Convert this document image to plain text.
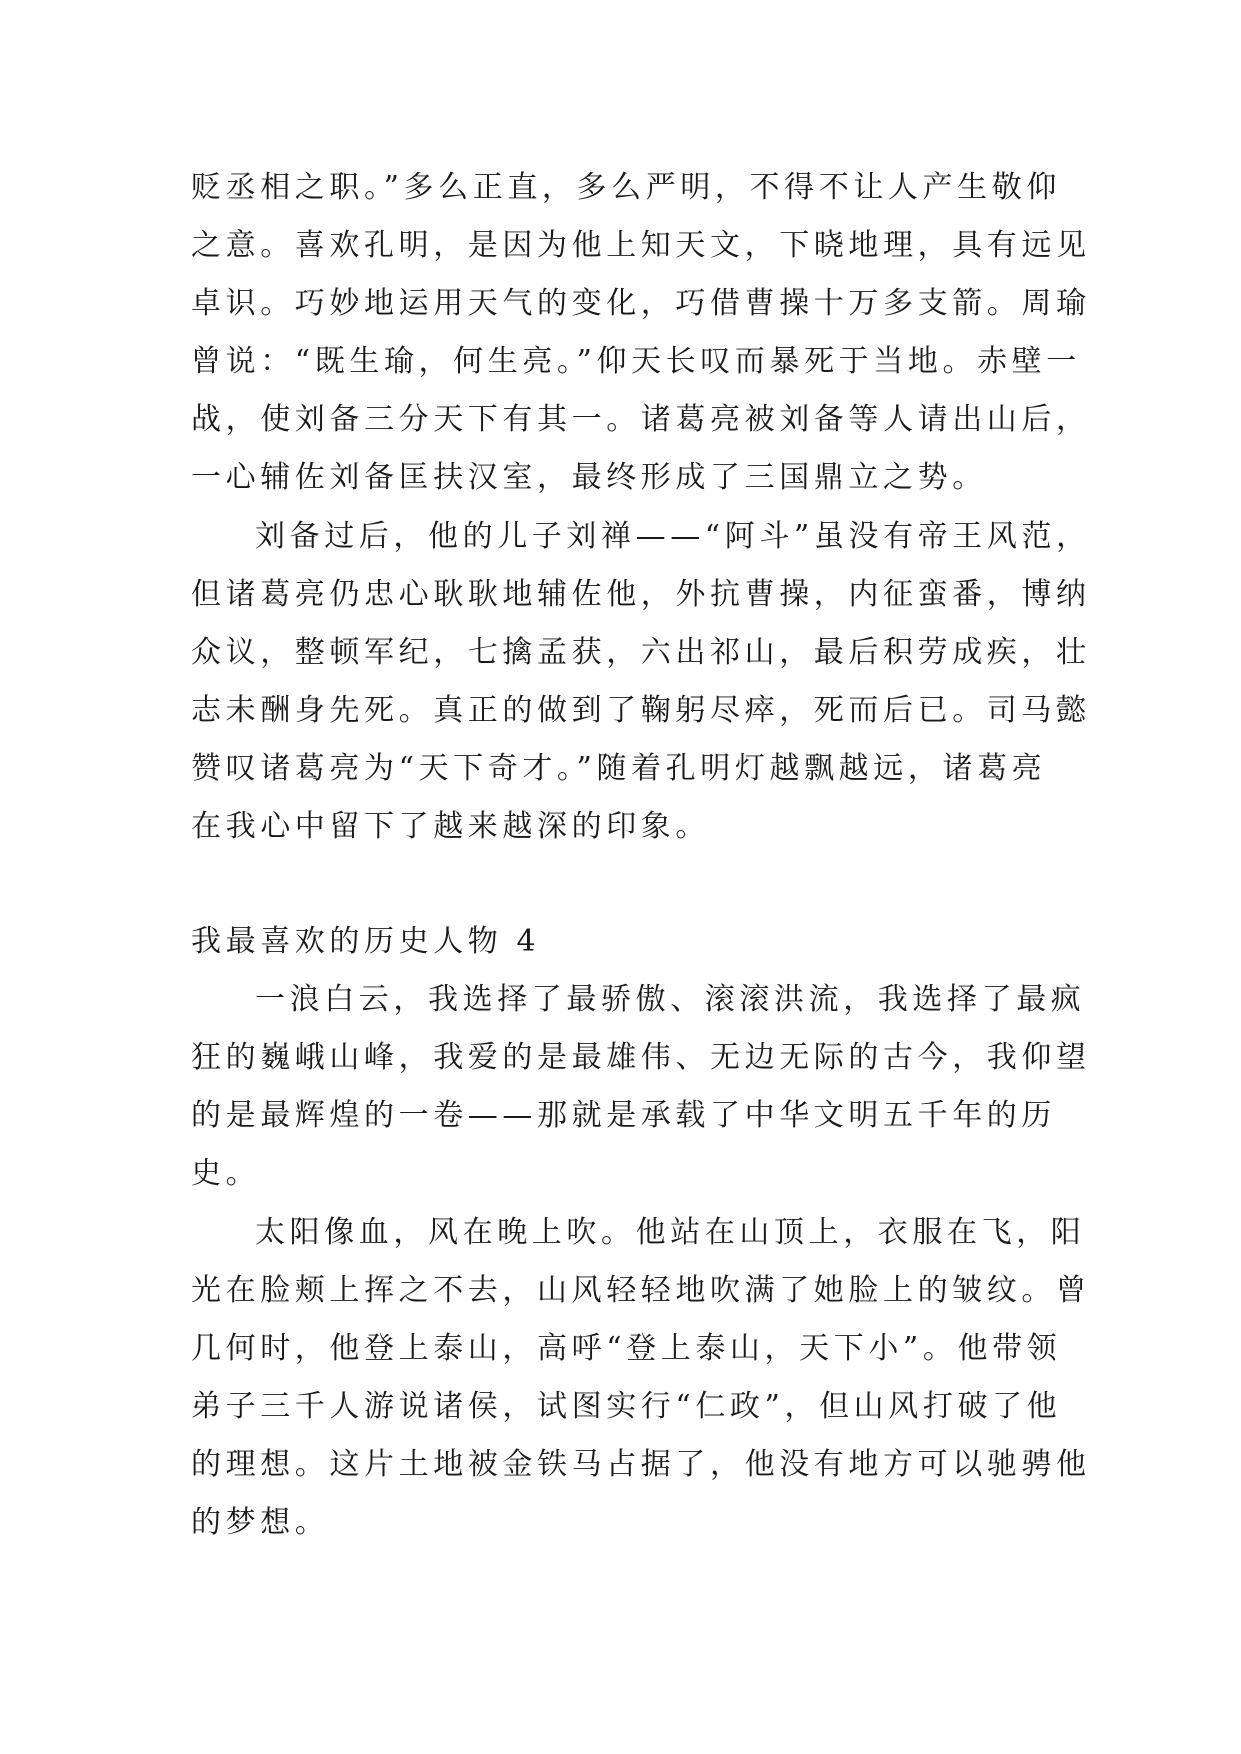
贬丞相之职。”多么正直，多么严明，不得不让人产生敬仰
之意。喜欢孔明，是因为他上知天文，下晓地理，具有远见
卓识。巧妙地运用天气的变化，巧借曹操十万多支箭。周瑜
曾说：“既生瑜，何生亮。”仰天长叹而暴死于当地。赤壁一
战，使刘备三分天下有其一。诸葛亮被刘备等人请出山后，
一心辅佐刘备匡扶汉室，最终形成了三国鼎立之势。
刘备过后，他的儿子刘禅——“阿斗”虽没有帝王风范，
但诸葛亮仍忠心耿耿地辅佐他，外抗曹操，内征蛮番，博纳
众议，整顿军纪，七擒孟获，六出祁山，最后积劳成疾，壮
志未酬身先死。真正的做到了鞠躬尽瘁，死而后已。司马懿
赞叹诸葛亮为“天下奇才。”随着孔明灯越飘越远，诸葛亮
在我心中留下了越来越深的印象。
我最喜欢的历史人物 4
一浪白云，我选择了最骄傲、滚滚洪流，我选择了最疯
狂的巍峨山峰，我爱的是最雄伟、无边无际的古今，我仰望
的是最辉煌的一卷——那就是承载了中华文明五千年的历
史。
太阳像血，风在晚上吹。他站在山顶上，衣服在飞，阳
光在脸颊上挥之不去，山风轻轻地吹满了她脸上的皱纹。曾
几何时，他登上泰山，高呼“登上泰山，天下小”。他带领
弟子三千人游说诸侯，试图实行“仁政”，但山风打破了他
的理想。这片土地被金铁马占据了，他没有地方可以驰骋他
的梦想。
